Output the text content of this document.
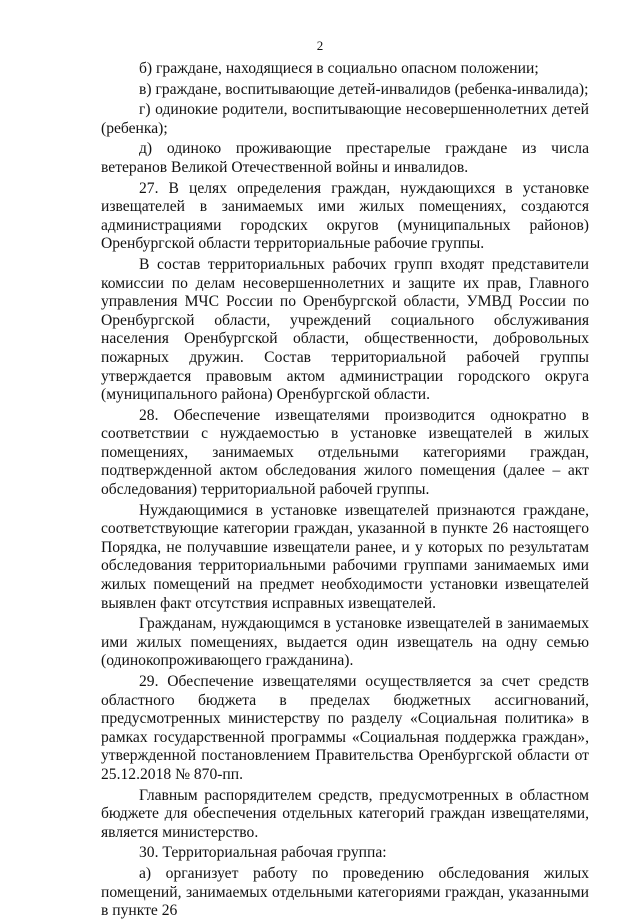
2

б) граждане, находящиеся в социально опасном положении;

в) граждане, воспитывающие детей-инвалидов (ребенка-инвалида);

г) одинокие родители, воспитывающие несовершеннолетних детей (ребенка);

д) одиноко проживающие престарелые граждане из числа ветеранов Великой Отечественной войны и инвалидов.

27. В целях определения граждан, нуждающихся в установке извещателей в занимаемых ими жилых помещениях, создаются администрациями городских округов (муниципальных районов) Оренбургской области территориальные рабочие группы.

В состав территориальных рабочих групп входят представители комиссии по делам несовершеннолетних и защите их прав, Главного управления МЧС России по Оренбургской области, УМВД России по Оренбургской области, учреждений социального обслуживания населения Оренбургской области, общественности, добровольных пожарных дружин. Состав территориальной рабочей группы утверждается правовым актом администрации городского округа (муниципального района) Оренбургской области.

28. Обеспечение извещателями производится однократно в соответствии с нуждаемостью в установке извещателей в жилых помещениях, занимаемых отдельными категориями граждан, подтвержденной актом обследования жилого помещения (далее – акт обследования) территориальной рабочей группы.

Нуждающимися в установке извещателей признаются граждане, соответствующие категории граждан, указанной в пункте 26 настоящего Порядка, не получавшие извещатели ранее, и у которых по результатам обследования территориальными рабочими группами занимаемых ими жилых помещений на предмет необходимости установки извещателей выявлен факт отсутствия исправных извещателей.

Гражданам, нуждающимся в установке извещателей в занимаемых ими жилых помещениях, выдается один извещатель на одну семью (одинокопроживающего гражданина).

29. Обеспечение извещателями осуществляется за счет средств областного бюджета в пределах бюджетных ассигнований, предусмотренных министерству по разделу «Социальная политика» в рамках государственной программы «Социальная поддержка граждан», утвержденной постановлением Правительства Оренбургской области от 25.12.2018 № 870-пп.

Главным распорядителем средств, предусмотренных в областном бюджете для обеспечения отдельных категорий граждан извещателями, является министерство.

30. Территориальная рабочая группа:

а) организует работу по проведению обследования жилых помещений, занимаемых отдельными категориями граждан, указанными в пункте 26
